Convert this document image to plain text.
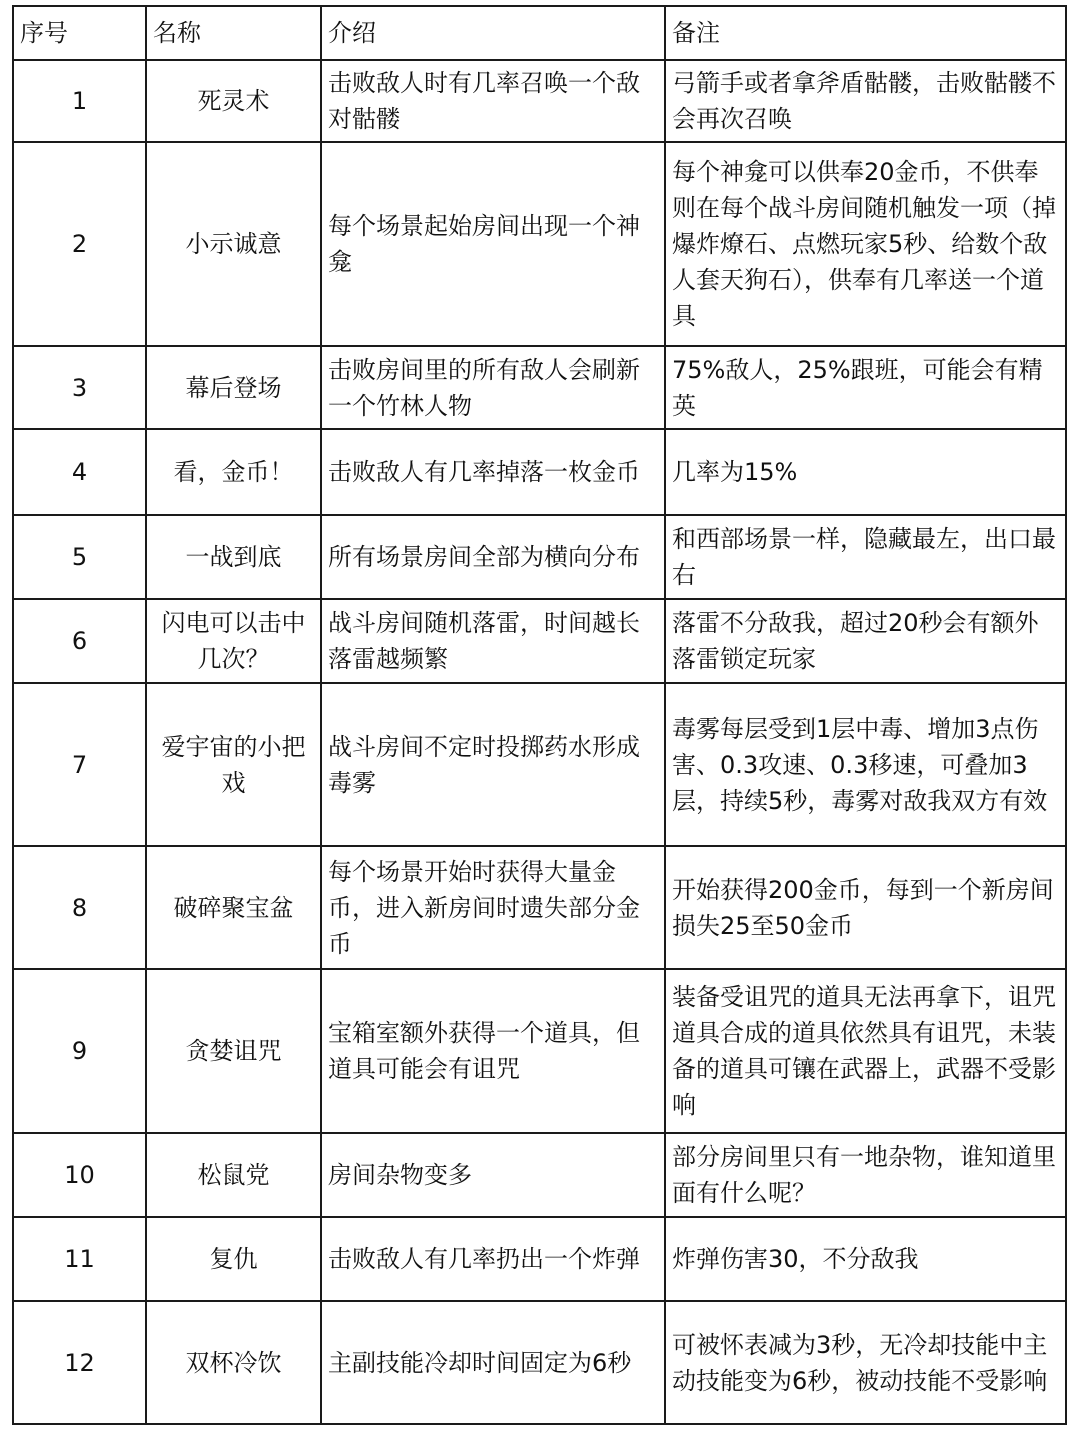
序号	名称	介绍	备注
1	死灵术	击败敌人时有几率召唤一个敌对骷髅	弓箭手或者拿斧盾骷髅，击败骷髅不会再次召唤
2	小示诚意	每个场景起始房间出现一个神龛	每个神龛可以供奉20金币，不供奉则在每个战斗房间随机触发一项（掉爆炸燎石、点燃玩家5秒、给数个敌人套天狗石），供奉有几率送一个道具
3	幕后登场	击败房间里的所有敌人会刷新一个竹林人物	75%敌人，25%跟班，可能会有精英
4	看，金币！	击败敌人有几率掉落一枚金币	几率为15%
5	一战到底	所有场景房间全部为横向分布	和西部场景一样，隐藏最左，出口最右
6	闪电可以击中几次？	战斗房间随机落雷，时间越长落雷越频繁	落雷不分敌我，超过20秒会有额外落雷锁定玩家
7	爱宇宙的小把戏	战斗房间不定时投掷药水形成毒雾	毒雾每层受到1层中毒、增加3点伤害、0.3攻速、0.3移速，可叠加3层，持续5秒，毒雾对敌我双方有效
8	破碎聚宝盆	每个场景开始时获得大量金币，进入新房间时遗失部分金币	开始获得200金币，每到一个新房间损失25至50金币
9	贪婪诅咒	宝箱室额外获得一个道具，但道具可能会有诅咒	装备受诅咒的道具无法再拿下，诅咒道具合成的道具依然具有诅咒，未装备的道具可镶在武器上，武器不受影响
10	松鼠党	房间杂物变多	部分房间里只有一地杂物，谁知道里面有什么呢？
11	复仇	击败敌人有几率扔出一个炸弹	炸弹伤害30，不分敌我
12	双杯冷饮	主副技能冷却时间固定为6秒	可被怀表减为3秒，无冷却技能中主动技能变为6秒，被动技能不受影响
